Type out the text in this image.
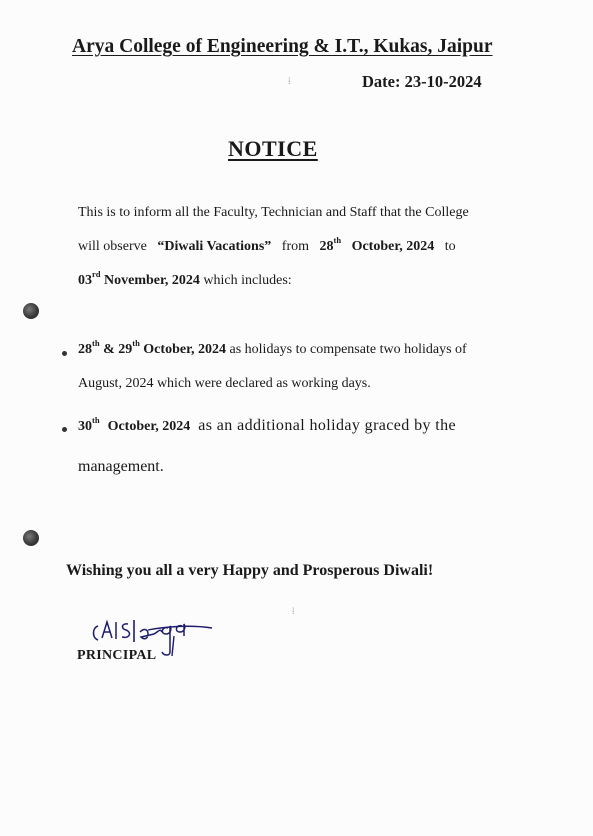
Arya College of Engineering & I.T., Kukas, Jaipur
Date: 23-10-2024
NOTICE
This is to inform all the Faculty, Technician and Staff that the College
will observe “Diwali Vacations” from 28th October, 2024 to
03rd November, 2024 which includes:
28th & 29th October, 2024 as holidays to compensate two holidays of
August, 2024 which were declared as working days.
30th October, 2024 as an additional holiday graced by the
management.
Wishing you all a very Happy and Prosperous Diwali!
PRINCIPAL
⁞
⁞
